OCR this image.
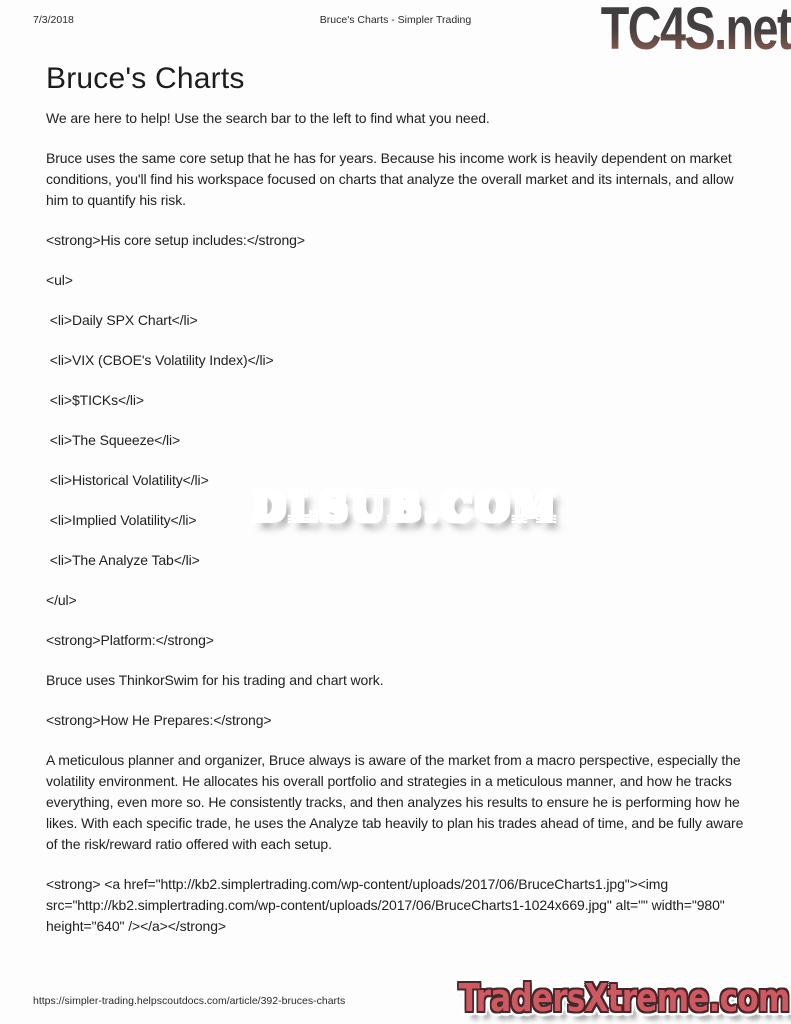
7/3/2018	Bruce's Charts - Simpler Trading	TC4S.net
Bruce's Charts

We are here to help! Use the search bar to the left to find what you need.

Bruce uses the same core setup that he has for years. Because his income work is heavily dependent on market conditions, you'll find his workspace focused on charts that analyze the overall market and its internals, and allow him to quantify his risk.

<strong>His core setup includes:</strong>

<ul>

<li>Daily SPX Chart</li>

<li>VIX (CBOE's Volatility Index)</li>

<li>$TICKs</li>

<li>The Squeeze</li>

<li>Historical Volatility</li>

<li>Implied Volatility</li>

<li>The Analyze Tab</li>

</ul>

<strong>Platform:</strong>

Bruce uses ThinkorSwim for his trading and chart work.

<strong>How He Prepares:</strong>

A meticulous planner and organizer, Bruce always is aware of the market from a macro perspective, especially the volatility environment. He allocates his overall portfolio and strategies in a meticulous manner, and how he tracks everything, even more so. He consistently tracks, and then analyzes his results to ensure he is performing how he likes. With each specific trade, he uses the Analyze tab heavily to plan his trades ahead of time, and be fully aware of the risk/reward ratio offered with each setup.

<strong> <a href="http://kb2.simplertrading.com/wp-content/uploads/2017/06/BruceCharts1.jpg"><img src="http://kb2.simplertrading.com/wp-content/uploads/2017/06/BruceCharts1-1024x669.jpg" alt="" width="980" height="640" /></a></strong>

DLSUB.COM
https://simpler-trading.helpscoutdocs.com/article/392-bruces-charts	TradersXtreme.com
